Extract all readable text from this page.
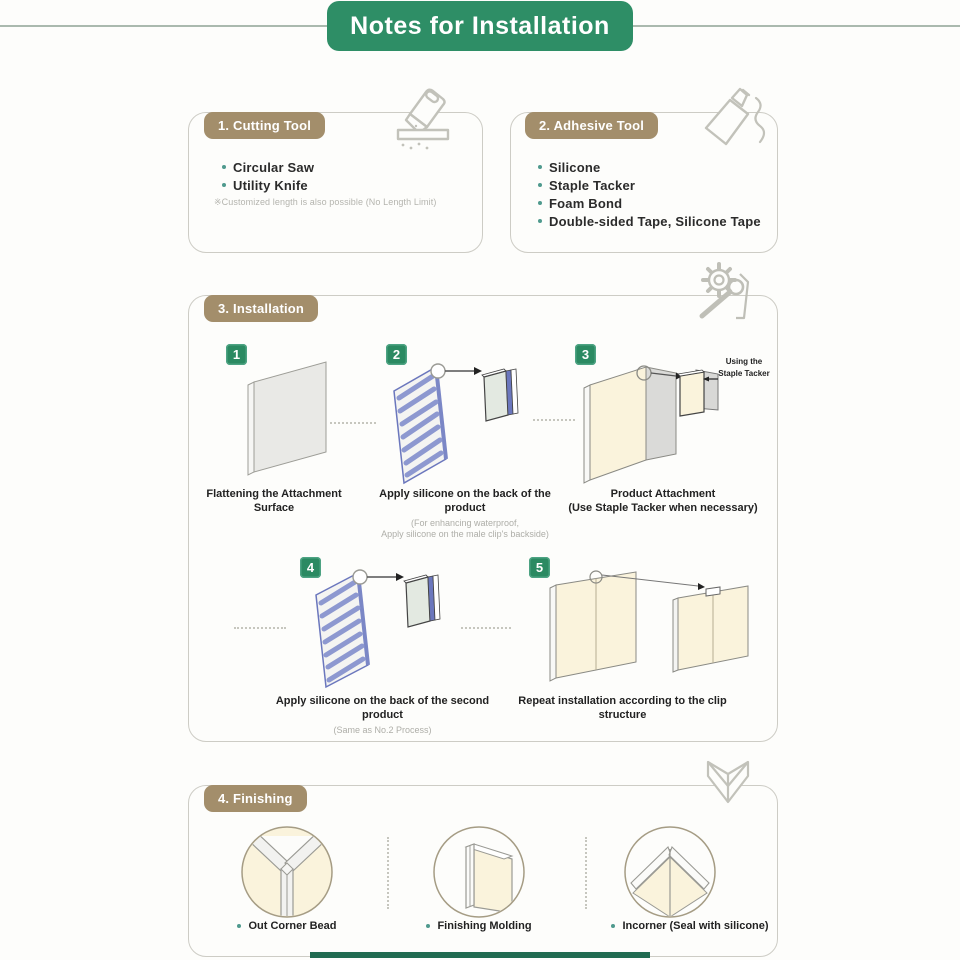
Notes for Installation
1. Cutting Tool
Circular Saw
Utility Knife
※Customized length is also possible (No Length Limit)
2. Adhesive Tool
Silicone
Staple Tacker
Foam Bond
Double-sided Tape, Silicone Tape
3. Installation
1	2	3
4	5
Using the Staple Tacker
Flattening the Attachment Surface
Apply silicone on the back of the product
(For enhancing waterproof,
Apply silicone on the male clip's backside)
Product Attachment
(Use Staple Tacker when necessary)
Apply silicone on the back of the second product
(Same as No.2 Process)
Repeat installation according to the clip structure
4. Finishing
Out Corner Bead	Finishing Molding	Incorner (Seal with silicone)
